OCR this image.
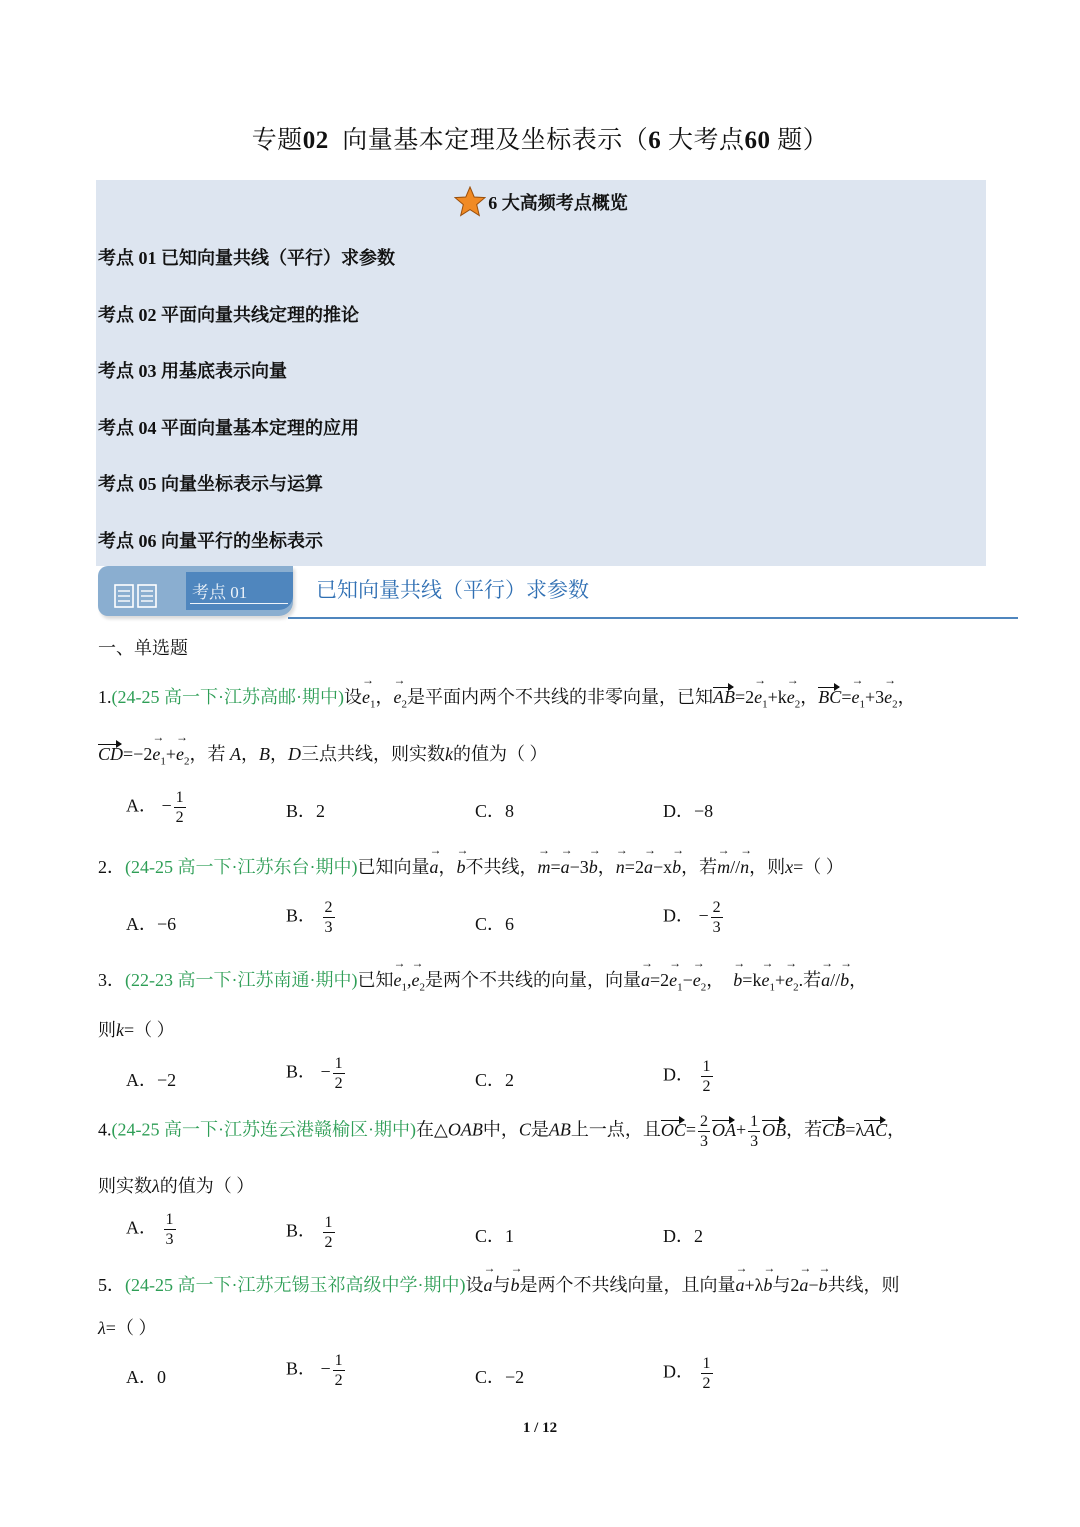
专题02 向量基本定理及坐标表示（6 大考点60 题）
6 大高频考点概览
考点 01 已知向量共线（平行）求参数
考点 02 平面向量共线定理的推论
考点 03 用基底表示向量
考点 04 平面向量基本定理的应用
考点 05 向量坐标表示与运算
考点 06 向量平行的坐标表示
考点 01	已知向量共线（平行）求参数
一、单选题
1.(24-25 高一下·江苏高邮·期中)设→ $e_1$，→ $e_2$是平面内两个不共线的非零向量，已知$AB=2\to e_1+k\to e_2$，$BC=\to e_1+3\to e_2$，
$CD=-2\to e_1+\to e_2$，若 A，B，D三点共线，则实数k的值为（ ）
A． − $\frac{1}{2}$	B．2	C．8	D．−8
2．(24-25 高一下·江苏东台·期中)已知向量→ a，→ b不共线，→ m=→ a−3→ b，→ n=2→ a−x→ b，若→ m//→ n，则x=（ ）
A．−6	B． $\frac{2}{3}$	C．6	D． − $\frac{2}{3}$
3．(22-23 高一下·江苏南通·期中)已知→ $e_1,\to e_2$是两个不共线的向量，向量→ $a=2\to e_1-\to e_2$，  → $b=k\to e_1+\to e_2$.若→ a//→ b，
则k=（ ）
A．−2	B． − $\frac{1}{2}$	C．2	D． $\frac{1}{2}$
4.(24-25 高一下·江苏连云港赣榆区·期中)在△OAB中，C是AB上一点，且$OC= \frac{2}{3} OA+ \frac{1}{3}$ OB，若CB=λAC，
则实数λ的值为（ ）
A． $\frac{1}{3}$	B． $\frac{1}{2}$	C．1	D．2
5．(24-25 高一下·江苏无锡玉祁高级中学·期中)设→ a与→ b是两个不共线向量，且向量→ a+λ→ b与2→ a−→ b共线，则
λ=（ ）
A．0	B． − $\frac{1}{2}$	C．−2	D． $\frac{1}{2}$
1 / 12
